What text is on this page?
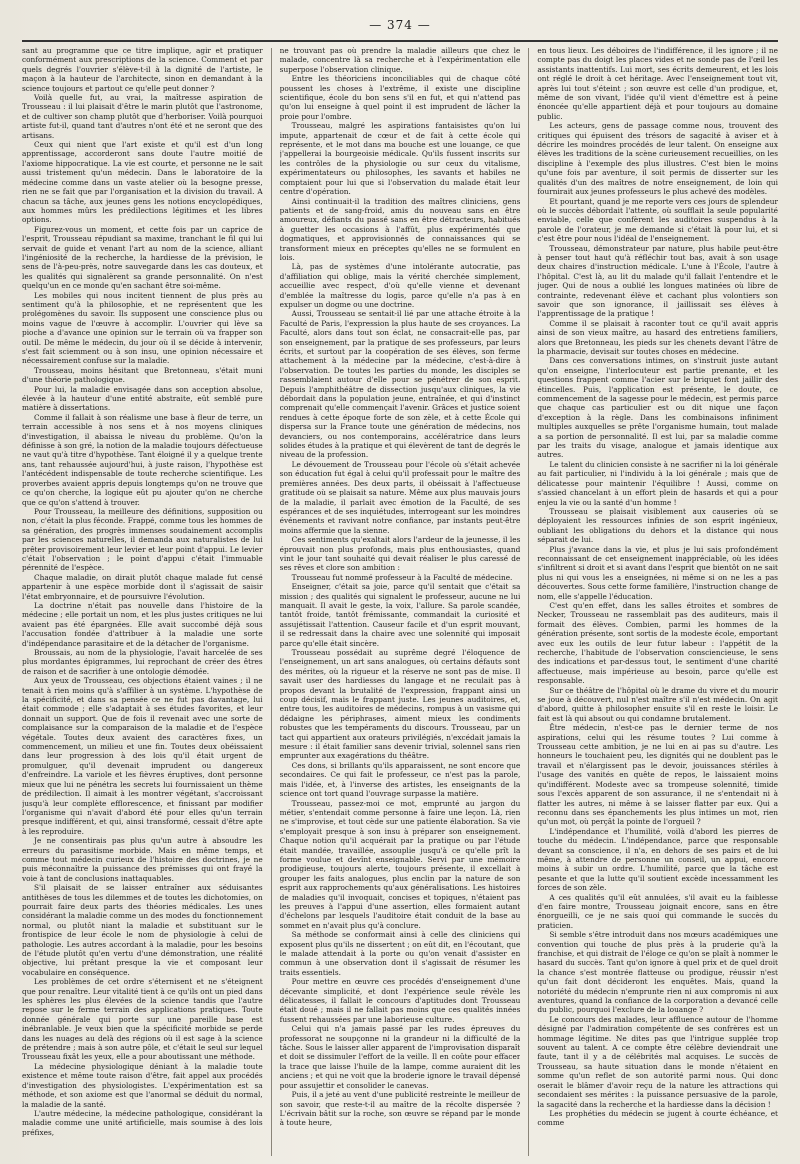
— 374 —

sant au programme que ce titre implique, agir et pratiquer conformément aux prescriptions de la science. Comment et par quels degrés l'ouvrier s'élève-t-il à la dignité de l'artiste, le maçon à la hauteur de l'architecte, sinon en demandant à la science toujours et partout ce qu'elle peut donner ?

Voilà quelle fut, au vrai, la maîtresse aspiration de Trousseau : il lui plaisait d'être le marin plutôt que l'astronome, et de cultiver son champ plutôt que d'herboriser. Voilà pourquoi artiste fut-il, quand tant d'autres n'ont été et ne seront que des artisans.

Ceux qui nient que l'art existe et qu'il est d'un long apprentissage, accorderont sans doute l'autre moitié de l'axiome hippocratique. La vie est courte, et personne ne le sait aussi tristement qu'un médecin. Dans le laboratoire de la médecine comme dans un vaste atelier où la besogne presse, rien ne se fait que par l'organisation et la division du travail. A chacun sa tâche, aux jeunes gens les notions encyclopédiques, aux hommes mûrs les prédilections légitimes et les libres options.

Figurez-vous un moment, et cette fois par un caprice de l'esprit, Trousseau répudiant sa maxime, tranchant le fil qui lui servait de guide et venant l'art au nom de la science, alliant l'ingéniosité de la recherche, la hardiesse de la prévision, le sens de l'à-peu-près, notre sauvegarde dans les cas douteux, et les qualités qui signalèrent sa grande personnalité. On n'est quelqu'un en ce monde qu'en sachant être soi-même.

Les mobiles qui nous incitent tiennent de plus près au sentiment qu'à la philosophie, et ne représentent que les prolégomènes du savoir. Ils supposent une conscience plus ou moins vague de l'œuvre à accomplir. L'ouvrier qui lève sa pioche a d'avance une opinion sur le terrain où va frapper son outil. De même le médecin, du jour où il se décide à intervenir, s'est fait sciemment ou à son insu, une opinion nécessaire et nécessairement confuse sur la maladie.

Trousseau, moins hésitant que Bretonneau, s'était muni d'une théorie pathologique.

Pour lui, la maladie envisagée dans son acception absolue, élevée à la hauteur d'une entité abstraite, eût semblé pure matière à dissertations.

Comme il fallait à son réalisme une base à fleur de terre, un terrain accessible à nos sens et à nos moyens cliniques d'investigation, il abaissa le niveau du problème. Qu'on la définisse à son gré, la notion de la maladie toujours défectueuse ne vaut qu'à titre d'hypothèse. Tant éloigné il y a quelque trente ans, tant rehaussée aujourd'hui, à juste raison, l'hypothèse est l'antécédent indispensable de toute recherche scientifique. Les proverbes avaient appris depuis longtemps qu'on ne trouve que ce qu'on cherche, la logique eût pu ajouter qu'on ne cherche que ce qu'on s'attend à trouver.

Pour Trousseau, la meilleure des définitions, supposition ou non, c'était la plus féconde. Frappé, comme tous les hommes de sa génération, des progrès immenses soudainement accomplis par les sciences naturelles, il demanda aux naturalistes de lui prêter provisoirement leur levier et leur point d'appui. Le levier c'était l'observation ; le point d'appui c'était l'immuable pérennité de l'espèce.

Chaque maladie, on dirait plutôt chaque malade fut censé appartenir à une espèce morbide dont il s'agissait de saisir l'état embryonnaire, et de poursuivre l'évolution.

La doctrine n'était pas nouvelle dans l'histoire de la médecine ; elle portait un nom, et les plus justes critiques ne lui avaient pas été épargnées. Elle avait succombé déjà sous l'accusation fondée d'attribuer à la maladie une sorte d'indépendance parasitaire et de la détacher de l'organisme.

Broussais, au nom de la physiologie, l'avait harcelée de ses plus mordantes épigrammes, lui reprochant de créer des êtres de raison et de sacrifier à une ontologie démodée.

Aux yeux de Trousseau, ces objections étaient vaines ; il ne tenait à rien moins qu'à s'affilier à un système. L'hypothèse de la spécificité, et dans sa pensée ce ne fut pas davantage, lui était commode ; elle s'adaptait à ses études favorites, et leur donnait un support. Que de fois il revenait avec une sorte de complaisance sur la comparaison de la maladie et de l'espèce végétale. Toutes deux avaient des caractères fixes, un commencement, un milieu et une fin. Toutes deux obéissaient dans leur progression à des lois qu'il était urgent de promulguer, qu'il devenait imprudent ou dangereux d'enfreindre. La variole et les fièvres éruptives, dont personne mieux que lui ne pénétra les secrets lui fournissaient un thème de prédilection. Il aimait à les montrer végétant, s'accroissant jusqu'à leur complète efflorescence, et finissant par modifier l'organisme qui n'avait d'abord été pour elles qu'un terrain presque indifférent, et qui, ainsi transformé, cessait d'être apte à les reproduire.

Je ne consentirais pas plus qu'un autre à absoudre les erreurs du parasitisme morbide. Mais en même temps, et comme tout médecin curieux de l'histoire des doctrines, je ne puis méconnaître la puissance des prémisses qui ont frayé la voie à tant de conclusions inattaquables.

S'il plaisait de se laisser entraîner aux séduisantes antithèses de tous les dilemmes et de toutes les dichotomies, on pourrait faire deux parts des théories médicales. Les unes considérant la maladie comme un des modes du fonctionnement normal, ou plutôt niant la maladie et substituant sur le frontispice de leur école le nom de physiologie à celui de pathologie. Les autres accordant à la maladie, pour les besoins de l'étude plutôt qu'en vertu d'une démonstration, une réalité objective, lui prêtant presque la vie et composant leur vocabulaire en conséquence.

Les problèmes de cet ordre s'éternisent et ne s'éteignent que pour renaître. Leur vitalité tient à ce qu'ils ont un pied dans les sphères les plus élevées de la science tandis que l'autre repose sur le ferme terrain des applications pratiques. Toute donnée générale qui porte sur une pareille base est inébranlable. Je veux bien que la spécificité morbide se perde dans les nuages au delà des régions où il est sage à la science de prétendre ; mais à son autre pôle, et c'était le seul sur lequel Trousseau fixât les yeux, elle a pour aboutissant une méthode.

La médecine physiologique déniant à la maladie toute existence et même toute raison d'être, fait appel aux procédés d'investigation des physiologistes. L'expérimentation est sa méthode, et son axiome est que l'anormal se déduit du normal, la maladie de la santé.

L'autre médecine, la médecine pathologique, considérant la maladie comme une unité artificielle, mais soumise à des lois préfixes,

ne trouvant pas où prendre la maladie ailleurs que chez le malade, concentre là sa recherche et à l'expérimentation elle superpose l'observation clinique.

Entre les théoriciens inconciliables qui de chaque côté poussent les choses à l'extrême, il existe une discipline scientifique, école du bon sens s'il en fut, et qui n'attend pas qu'on lui enseigne à quel point il est imprudent de lâcher la proie pour l'ombre.

Trousseau, malgré les aspirations fantaisistes qu'on lui impute, appartenait de cœur et de fait à cette école qui représente, et le mot dans ma bouche est une louange, ce que j'appellerai la bourgeoisie médicale. Qu'ils fussent inscrits sur les contrôles de la physiologie ou sur ceux du vitalisme, expérimentateurs ou philosophes, les savants et habiles ne comptaient pour lui que si l'observation du malade était leur centre d'opération.

Ainsi continuait-il la tradition des maîtres cliniciens, gens patients et de sang-froid, amis du nouveau sans en être amoureux, défiants du passé sans en être détracteurs, habitués à guetter les occasions à l'affût, plus expérimentés que dogmatiques, et approvisionnés de connaissances qui se transforment mieux en préceptes qu'elles ne se formulent en lois.

Là, pas de systèmes d'une intolérante autocratie, pas d'affiliation qui oblige, mais la vérité cherchée simplement, accueillie avec respect, d'où qu'elle vienne et devenant d'emblée la maîtresse du logis, parce qu'elle n'a pas à en expulser un dogme ou une doctrine.

Aussi, Trousseau se sentait-il lié par une attache étroite à la Faculté de Paris, l'expression la plus haute de ses croyances. La Faculté, alors dans tout son éclat, ne consacrait-elle pas, par son enseignement, par la pratique de ses professeurs, par leurs écrits, et surtout par la coopération de ses élèves, son ferme attachement à la médecine par la médecine, c'est-à-dire à l'observation. De toutes les parties du monde, les disciples se rassemblaient autour d'elle pour se pénétrer de son esprit. Depuis l'amphithéâtre de dissection jusqu'aux cliniques, la vie débordait dans la population jeune, entraînée, et qui d'instinct comprenait qu'elle commençait l'avenir. Grâces et justice soient rendues à cette époque forte de son zèle, et à cette École qui dispersa sur la France toute une génération de médecins, nos devanciers, ou nos contemporains, accélératrice dans leurs solides études à la pratique et qui élevèrent de tant de degrés le niveau de la profession.

Le dévouement de Trousseau pour l'école où s'était achevée son éducation fut égal à celui qu'il professait pour le maître des premières années. Des deux parts, il obéissait à l'affectueuse gratitude où se plaisait sa nature. Même aux plus mauvais jours de la maladie, il parlait avec émotion de la Faculté, de ses espérances et de ses inquiétudes, interrogeant sur les moindres événements et ravivant notre confiance, par instants peut-être moins affermie que la sienne.

Ces sentiments qu'exaltait alors l'ardeur de la jeunesse, il les éprouvait non plus profonds, mais plus enthousiastes, quand vint le jour tant souhaité qui devait réaliser le plus caressé de ses rêves et clore son ambition :

Trousseau fut nommé professeur à la Faculté de médecine.

Enseigner, c'était sa joie, parce qu'il sentait que c'était sa mission ; des qualités qui signalent le professeur, aucune ne lui manquait. Il avait le geste, la voix, l'allure. Sa parole scandée, tantôt froide, tantôt frémissante, commandait la curiosité et assujétissait l'attention. Causeur facile et d'un esprit mouvant, il se redressait dans la chaire avec une solennité qui imposait parce qu'elle était sincère.

Trousseau possédait au suprême degré l'éloquence de l'enseignement, un art sans analogues, où certains défauts sont des mérites, où la rigueur et la réserve ne sont pas de mise. Il savait user des hardiesses du langage et ne reculait pas à propos devant la brutalité de l'expression, frappant ainsi un coup décisif, mais le frappant juste. Les jeunes auditoires, et, entre tous, les auditoires de médecins, rompus à un vasisme qui dédaigne les périphrases, aiment mieux les condiments robustes que les tempéraments du discours. Trousseau, par un tact qui appartient aux orateurs privilégiés, n'excédait jamais la mesure : il était familier sans devenir trivial, solennel sans rien emprunter aux exagérations du théâtre.

Ces dons, si brillants qu'ils apparaissent, ne sont encore que secondaires. Ce qui fait le professeur, ce n'est pas la parole, mais l'idée, et, à l'inverse des artistes, les enseignants de la science ont tort quand l'ouvrage surpasse la matière.

Trousseau, passez-moi ce mot, emprunté au jargon du métier, s'entendait comme personne à faire une leçon. Là, rien ne s'improvise, et tout cède sur une patiente élaboration. Sa vie s'employait presque à son insu à préparer son enseignement. Chaque notion qu'il acquérait par la pratique ou par l'étude était mandée, travaillée, assouplie jusqu'à ce qu'elle prît la forme voulue et devînt enseignable. Servi par une mémoire prodigieuse, toujours alerte, toujours présente, il excellait à grouper les faits analogues, plus enclin par la nature de son esprit aux rapprochements qu'aux généralisations. Les histoires de maladies qu'il invoquait, concises et topiques, n'étaient pas les preuves à l'appui d'une assertion, elles formaient autant d'échelons par lesquels l'auditoire était conduit de la base au sommet en n'avait plus qu'à conclure.

Sa méthode se conformait ainsi à celle des cliniciens qui exposent plus qu'ils ne dissertent ; on eût dit, en l'écoutant, que le malade attendait à la porte ou qu'on venait d'assister en commun à une observation dont il s'agissait de résumer les traits essentiels.

Pour mettre en œuvre ces procédés d'enseignement d'une décevante simplicité, et dont l'expérience seule révèle les délicatesses, il fallait le concours d'aptitudes dont Trousseau était doué ; mais il ne fallait pas moins que ces qualités innées fussent rehaussées par une laborieuse culture.

Celui qui n'a jamais passé par les rudes épreuves du professorat ne soupçonne ni la grandeur ni la difficulté de la tâche. Sous le laisser aller apparent de l'improvisation disparaît et doit se dissimuler l'effort de la veille. Il en coûte pour effacer la trace que laisse l'huile de la lampe, comme auraient dit les anciens ; et qui ne voit que la broderie ignore le travail dépensé pour assujettir et consolider le canevas.

Puis, il a jeté au vent d'une publicité restreinte le meilleur de son savoir, que reste-t-il au maître de la récolte dispersée ? L'écrivain bâtit sur la roche, son œuvre se répand par le monde à toute heure,

en tous lieux. Les déboires de l'indifférence, il les ignore ; il ne compte pas du doigt les places vides et ne sonde pas de l'œil les assistants inattentifs. Lui mort, ses écrits demeurent, et les lois ont réglé le droit à cet héritage. Avec l'enseignement tout vit, après lui tout s'éteint ; son œuvre est celle d'un prodigue, et, même de son vivant, l'idée qu'il vient d'émettre est à peine énoncée qu'elle appartient déjà et pour toujours au domaine public.

Les acteurs, gens de passage comme nous, trouvent des critiques qui épuisent des trésors de sagacité à aviser et à décrire les moindres procédés de leur talent. On enseigne aux élèves les traditions de la scène curieusement recueillies, on les discipline à l'exemple des plus illustres. C'est bien le moins qu'une fois par aventure, il soit permis de disserter sur les qualités d'un des maîtres de notre enseignement, de loin qui fournirait aux jeunes professeurs le plus achevé des modèles.

Et pourtant, quand je me reporte vers ces jours de splendeur où le succès débordait l'attente, où soufflait la seule popularité enviable, celle que confèrent les auditoires suspendus à la parole de l'orateur, je me demande si c'était là pour lui, et si c'est être pour nous l'idéal de l'enseignement.

Trousseau, démonstrateur par nature, plus habile peut-être à penser tout haut qu'à réfléchir tout bas, avait à son usage deux chaires d'instruction médicale. L'une à l'École, l'autre à l'hôpital. C'est là, au lit du malade qu'il fallait l'entendre et le juger. Qui de nous a oublié les longues matinées où libre de contrainte, redevenant élève et cachant plus volontiers son savoir que son ignorance, il jaillissait ses élèves à l'apprentissage de la pratique !

Comme il se plaisait à raconter tout ce qu'il avait appris ainsi de son vieux maître, au hasard des entretiens familiers, alors que Bretonneau, les pieds sur les chenets devant l'âtre de la pharmacie, devisait sur toutes choses en médecine.

Dans ces conversations intimes, on s'instruit juste autant qu'on enseigne, l'interlocuteur est partie prenante, et les questions frappent comme l'acier sur le briquet font jaillir des étincelles. Puis, l'application est présente, le doute, ce commencement de la sagesse pour le médecin, est permis parce que chaque cas particulier est ou dit nique une façon d'exception à la règle. Dans les combinaisons infiniment multiples auxquelles se prête l'organisme humain, tout malade a sa portion de personnalité. Il est lui, par sa maladie comme par les traits du visage, analogue et jamais identique aux autres.

Le talent du clinicien consiste à ne sacrifier ni la loi générale au fait particulier, ni l'individu à la loi générale ; mais que de délicatesse pour maintenir l'équilibre ! Aussi, comme on s'assied chancelant à un effort plein de hasards et qui a pour enjeu la vie ou la santé d'un homme !

Trousseau se plaisait visiblement aux causeries où se déployaient les ressources infinies de son esprit ingénieux, oubliant les obligations du dehors et la distance qui nous séparait de lui.

Plus j'avance dans la vie, et plus je lui sais profondément reconnaissant de cet enseignement inappréciable, où les idées s'infiltrent si droit et si avant dans l'esprit que bientôt on ne sait plus ni qui vous les a enseignées, ni même si on ne les a pas découvertes. Sous cette forme familière, l'instruction change de nom, elle s'appelle l'éducation.

C'est qu'en effet, dans les salles étroites et sombres de Necker, Trousseau ne rassemblait pas des auditeurs, mais il formait des élèves. Combien, parmi les hommes de la génération présente, sont sortis de la modeste école, emportant avec eux les outils de leur futur labeur : l'appétit de la recherche, l'habitude de l'observation consciencieuse, le sens des indications et par-dessus tout, le sentiment d'une charité affectueuse, mais impérieuse au besoin, parce qu'elle est responsable.

Sur ce théâtre de l'hôpital où le drame du vivre et du mourir se joue à découvert, nul n'est maître s'il n'est médecin. On agit d'abord, quitte à philosopher ensuite s'il en reste le loisir. Le fait est là qui absout ou qui condamne brutalement.

Être médecin, n'est-ce pas le dernier terme de nos aspirations, celui qui les résume toutes ? Lui comme à Trousseau cette ambition, je ne lui en ai pas su d'autre. Les honneurs le touchaient peu, les dignités qui ne doublent pas le travail et n'élargissent pas le devoir, jouissances stériles à l'usage des vanités en quête de repos, le laissaient moins qu'indifférent. Modeste avec sa trompeuse solennité, timide sous l'excès apparent de son assurance, il ne s'entendait ni à flatter les autres, ni même à se laisser flatter par eux. Qui a reconnu dans ses épanchements les plus intimes un mot, rien qu'un mot, où perçât la pointe de l'orgueil ?

L'indépendance et l'humilité, voilà d'abord les pierres de touche du médecin. L'indépendance, parce que responsable devant sa conscience, il n'a, en dehors de ses pairs et de lui même, à attendre de personne un conseil, un appui, encore moins à subir un ordre. L'humilité, parce que la tâche est pesante et que la lutte qu'il soutient excède incessamment les forces de son zèle.

A ces qualités qu'il eût annulées, s'il avait eu la faiblesse d'en faire montre, Trousseau joignait encore, sans en être énorgueilli, ce je ne sais quoi qui commande le succès du praticien.

Si semble s'être introduit dans nos mœurs académiques une convention qui touche de plus près à la pruderie qu'à la franchise, et qui distrait de l'éloge ce qu'on se plaît à nommer le hasard du succès. Tant qu'on ignore à quel prix et de quel droit la chance s'est montrée flatteuse ou prodigue, réussir n'est qu'un fait dont décideront les enquêtes. Mais, quand la notoriété du médecin n'emprunte rien ni aux compromis ni aux aventures, quand la confiance de la corporation a devancé celle du public, pourquoi l'exclure de la louange ?

Le concours des malades, leur affluence autour de l'homme désigné par l'admiration compétente de ses confrères est un hommage légitime. Ne dites pas que l'intrigue supplée trop souvent au talent. A ce compte être célèbre deviendrait une faute, tant il y a de célébrités mal acquises. Le succès de Trousseau, sa haute situation dans le monde n'étaient en somme qu'un reflet de son autorité parmi nous. Qui donc oserait le blâmer d'avoir reçu de la nature les attractions qui secondaient ses mérites : la puissance persuasive de la parole, la sagacité dans la recherche et la hardiesse dans la décision !

Les prophéties du médecin se jugent à courte échéance, et comme
